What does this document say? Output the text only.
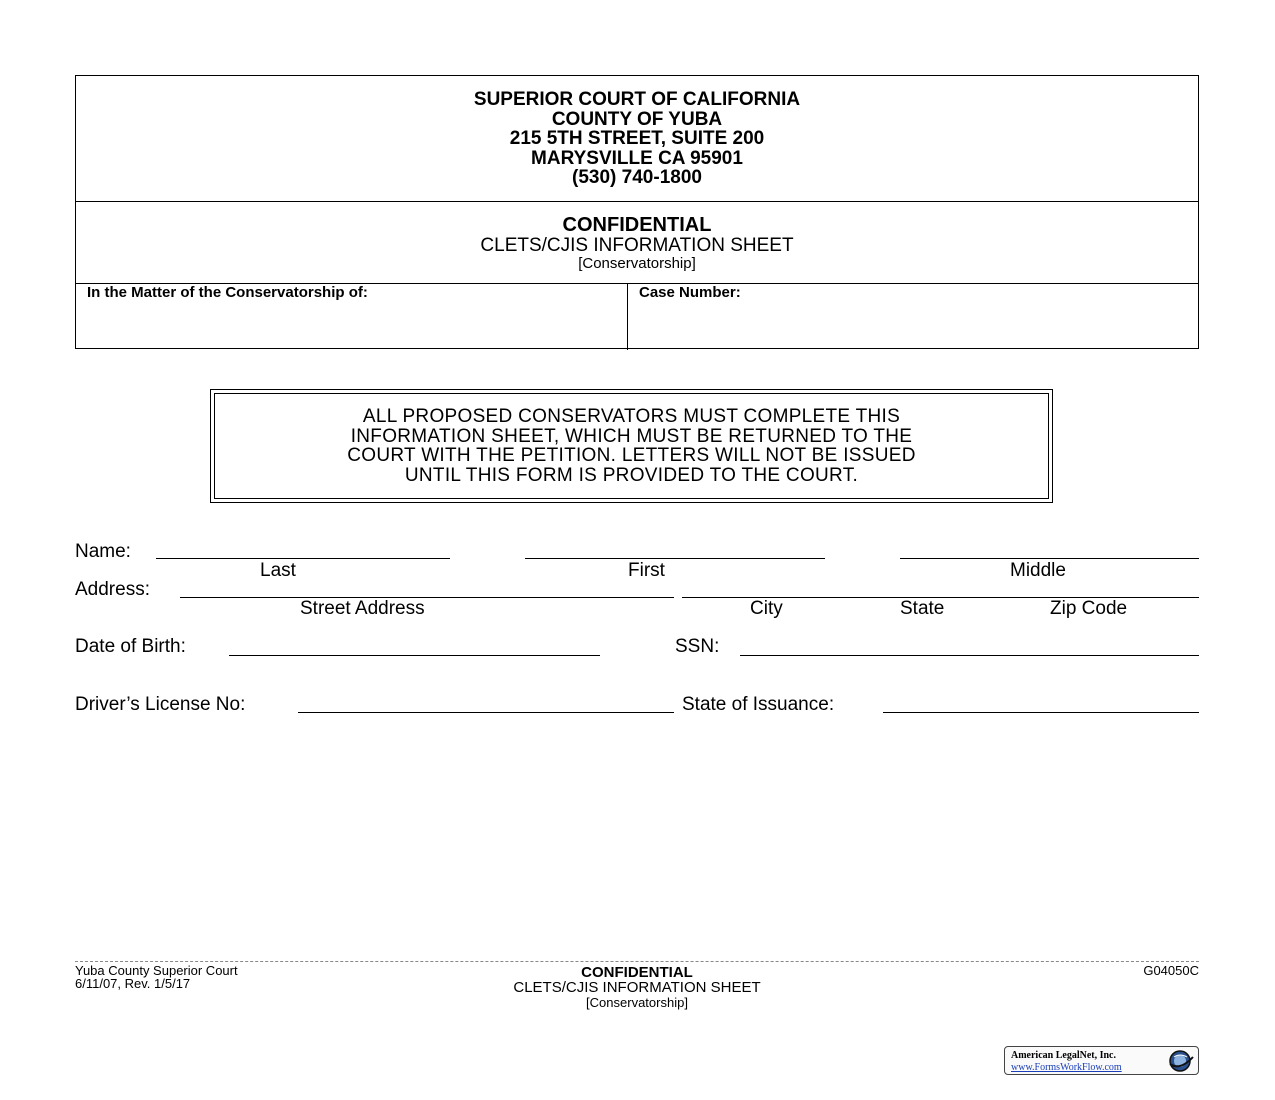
SUPERIOR COURT OF CALIFORNIA
COUNTY OF YUBA
215 5TH STREET, SUITE 200
MARYSVILLE CA 95901
(530) 740-1800
CONFIDENTIAL
CLETS/CJIS INFORMATION SHEET
[Conservatorship]
In the Matter of the Conservatorship of:	Case Number:
ALL PROPOSED CONSERVATORS MUST COMPLETE THIS
INFORMATION SHEET, WHICH MUST BE RETURNED TO THE
COURT WITH THE PETITION. LETTERS WILL NOT BE ISSUED
UNTIL THIS FORM IS PROVIDED TO THE COURT.
Name:
Last	First	Middle
Address:
Street Address	City	State	Zip Code
Date of Birth:	SSN:
Driver’s License No:	State of Issuance:
Yuba County Superior Court
6/11/07, Rev. 1/5/17
CONFIDENTIAL
CLETS/CJIS INFORMATION SHEET
[Conservatorship]
G04050C
American LegalNet, Inc.
www.FormsWorkFlow.com
